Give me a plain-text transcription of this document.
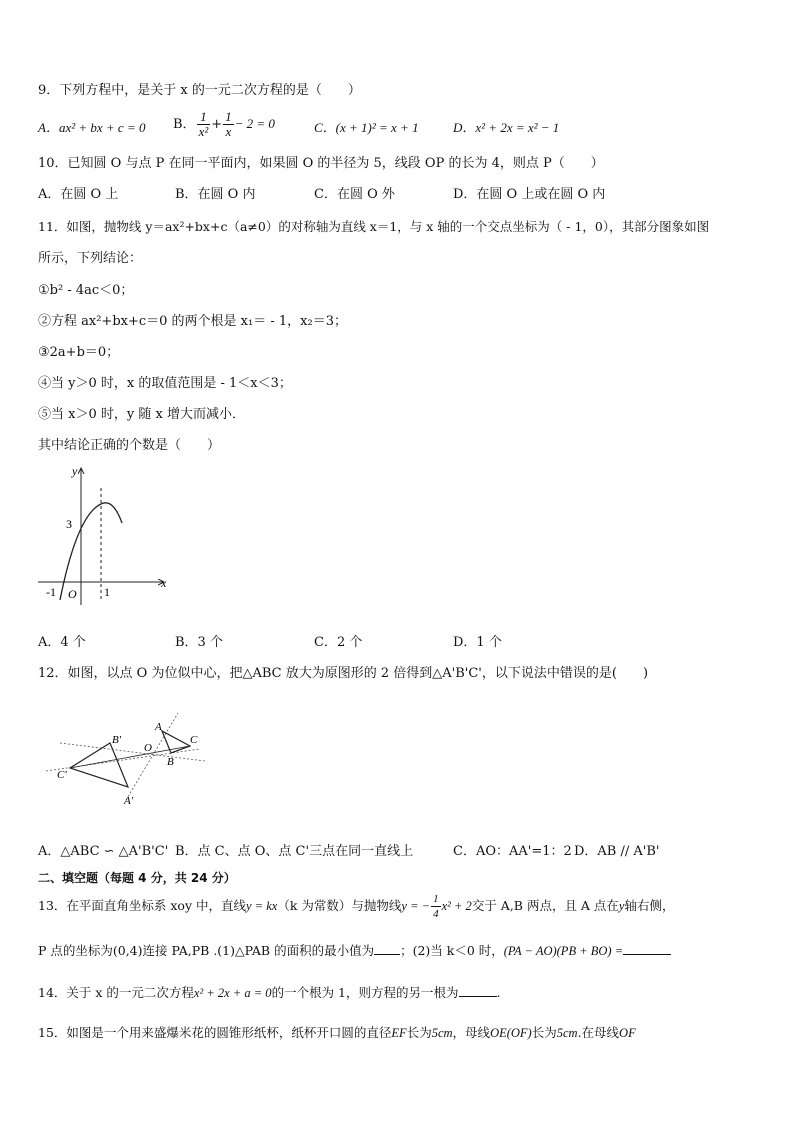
9．下列方程中，是关于 x 的一元二次方程的是（　　）
A．ax² + bx + c = 0 B． $\frac{1}{\text{x²}} + \frac{1}{x} - 2 = 0$	C．(x + 1)² = x + 1	D．x² + 2x = x² − 1
10．已知圆 O 与点 P 在同一平面内，如果圆 O 的半径为 5，线段 OP 的长为 4，则点 P（　　）
A．在圆 O 上	B．在圆 O 内	C．在圆 O 外	D．在圆 O 上或在圆 O 内
11．如图，抛物线 y＝ax²+bx+c（a≠0）的对称轴为直线 x＝1，与 x 轴的一个交点坐标为（ - 1，0），其部分图象如图
所示，下列结论：
①b² - 4ac＜0；
②方程 ax²+bx+c＝0 的两个根是 x₁＝ - 1，x₂＝3；
③2a+b＝0；
④当 y＞0 时，x 的取值范围是 - 1＜x＜3；
⑤当 x＞0 时，y 随 x 增大而减小．
其中结论正确的个数是（　　）
y
x
3
-1 O 1
A．4 个	B．3 个	C．2 个	D．1 个
12．如图，以点 O 为位似中心，把△ABC 放大为原图形的 2 倍得到△A'B'C'，以下说法中错误的是(　　)
A
B
C
O
B'
C'
A'
A．△ABC ∽ △A'B'C' B．点 C、点 O、点 C'三点在同一直线上	C．AO：AA'=1：2 D．AB // A'B'
二、填空题（每题 4 分，共 24 分）
13．在平面直角坐标系 xoy 中，直线y = kx（k 为常数）与抛物线y = − $\frac{1}{4} x^2 + 2$交于 A,B 两点，且 A 点在y轴右侧，
P 点的坐标为(0,4)连接 PA,PB .(1)△PAB 的面积的最小值为 ；(2)当 k＜0 时，(PA − AO)(PB + BO) =
14．关于 x 的一元二次方程x² + 2x + a = 0的一个根为 1，则方程的另一根为	.
15．如图是一个用来盛爆米花的圆锥形纸杯，纸杯开口圆的直径EF长为5cm，母线OE(OF)长为5cm.在母线OF
